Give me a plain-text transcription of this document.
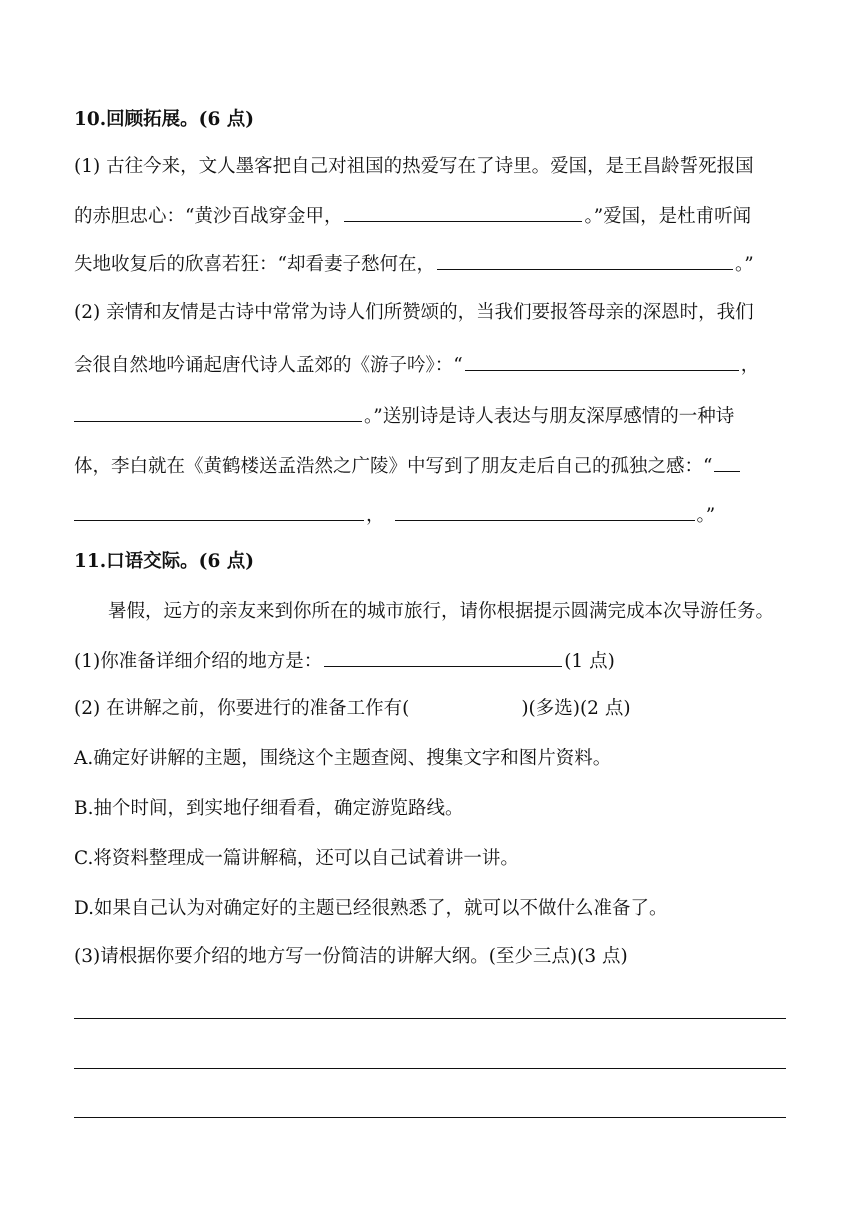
10.回顾拓展。(6 点)
(1) 古往今来，文人墨客把自己对祖国的热爱写在了诗里。爱国，是王昌龄誓死报国
的赤胆忠心：“黄沙百战穿金甲，	。”爱国，是杜甫听闻
失地收复后的欣喜若狂：“却看妻子愁何在，	。”
(2) 亲情和友情是古诗中常常为诗人们所赞颂的，当我们要报答母亲的深恩时，我们
会很自然地吟诵起唐代诗人孟郊的《游子吟》：“	，
。”送别诗是诗人表达与朋友深厚感情的一种诗
体，李白就在《黄鹤楼送孟浩然之广陵》中写到了朋友走后自己的孤独之感：“
，	。”
11.口语交际。(6 点)
暑假，远方的亲友来到你所在的城市旅行，请你根据提示圆满完成本次导游任务。
(1)你准备详细介绍的地方是：	(1 点)
(2) 在讲解之前，你要进行的准备工作有(	)(多选)(2 点)
A.确定好讲解的主题，围绕这个主题查阅、搜集文字和图片资料。
B.抽个时间，到实地仔细看看，确定游览路线。
C.将资料整理成一篇讲解稿，还可以自己试着讲一讲。
D.如果自己认为对确定好的主题已经很熟悉了，就可以不做什么准备了。
(3)请根据你要介绍的地方写一份简洁的讲解大纲。(至少三点)(3 点)
